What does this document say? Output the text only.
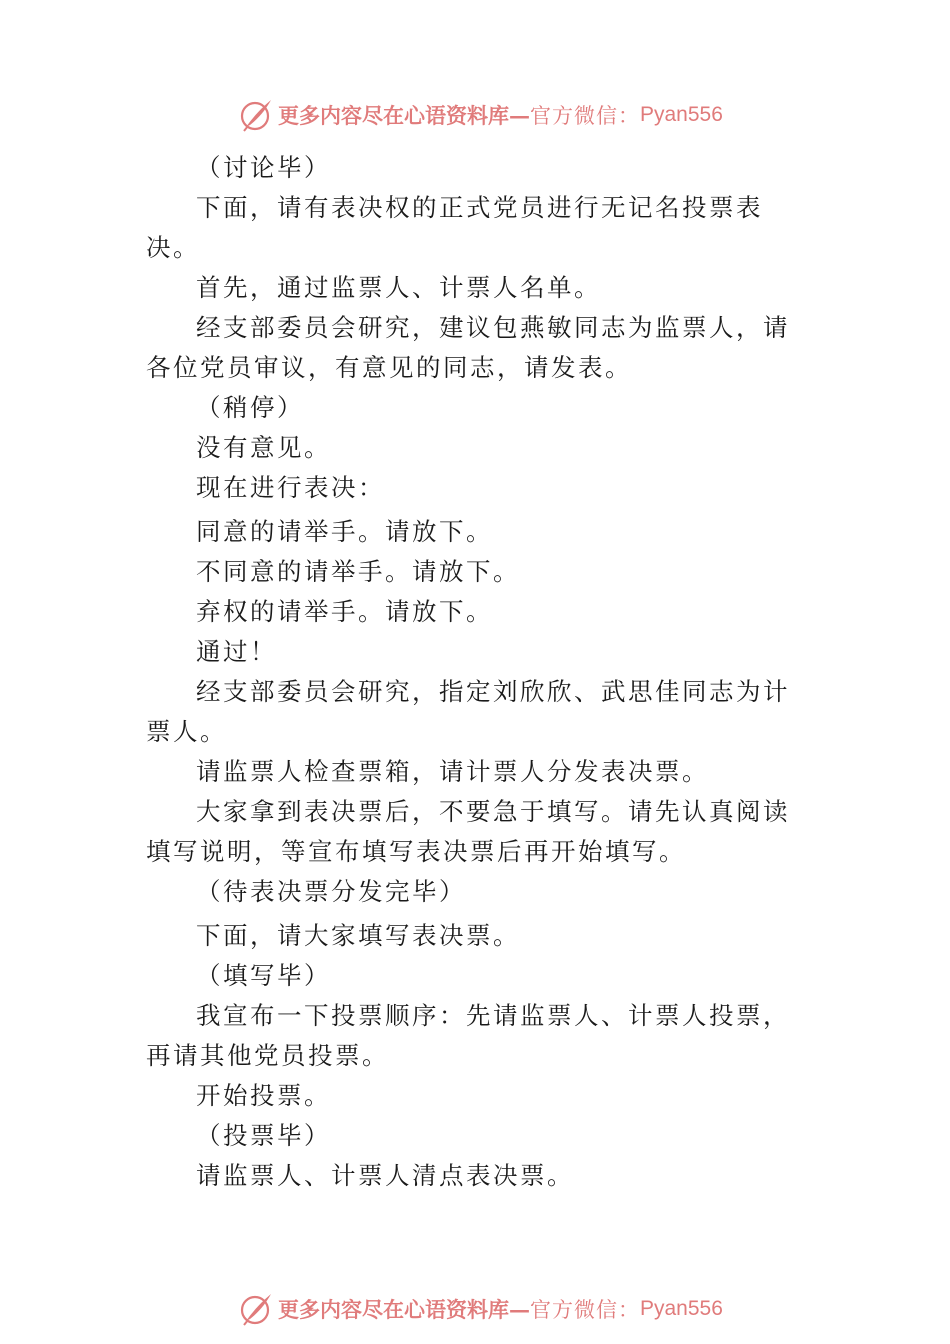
更多内容尽在心语资料库— 官方微信： Pyan556

（讨论毕）

下面，请有表决权的正式党员进行无记名投票表决。

首先，通过监票人、计票人名单。

经支部委员会研究，建议包燕敏同志为监票人，请各位党员审议，有意见的同志，请发表。

（稍停）

没有意见。

现在进行表决：

同意的请举手。请放下。

不同意的请举手。请放下。

弃权的请举手。请放下。

通过！

经支部委员会研究，指定刘欣欣、武思佳同志为计票人。

请监票人检查票箱，请计票人分发表决票。

大家拿到表决票后，不要急于填写。请先认真阅读填写说明，等宣布填写表决票后再开始填写。

（待表决票分发完毕）

下面，请大家填写表决票。

（填写毕）

我宣布一下投票顺序：先请监票人、计票人投票，再请其他党员投票。

开始投票。

（投票毕）

请监票人、计票人清点表决票。

更多内容尽在心语资料库— 官方微信： Pyan556
